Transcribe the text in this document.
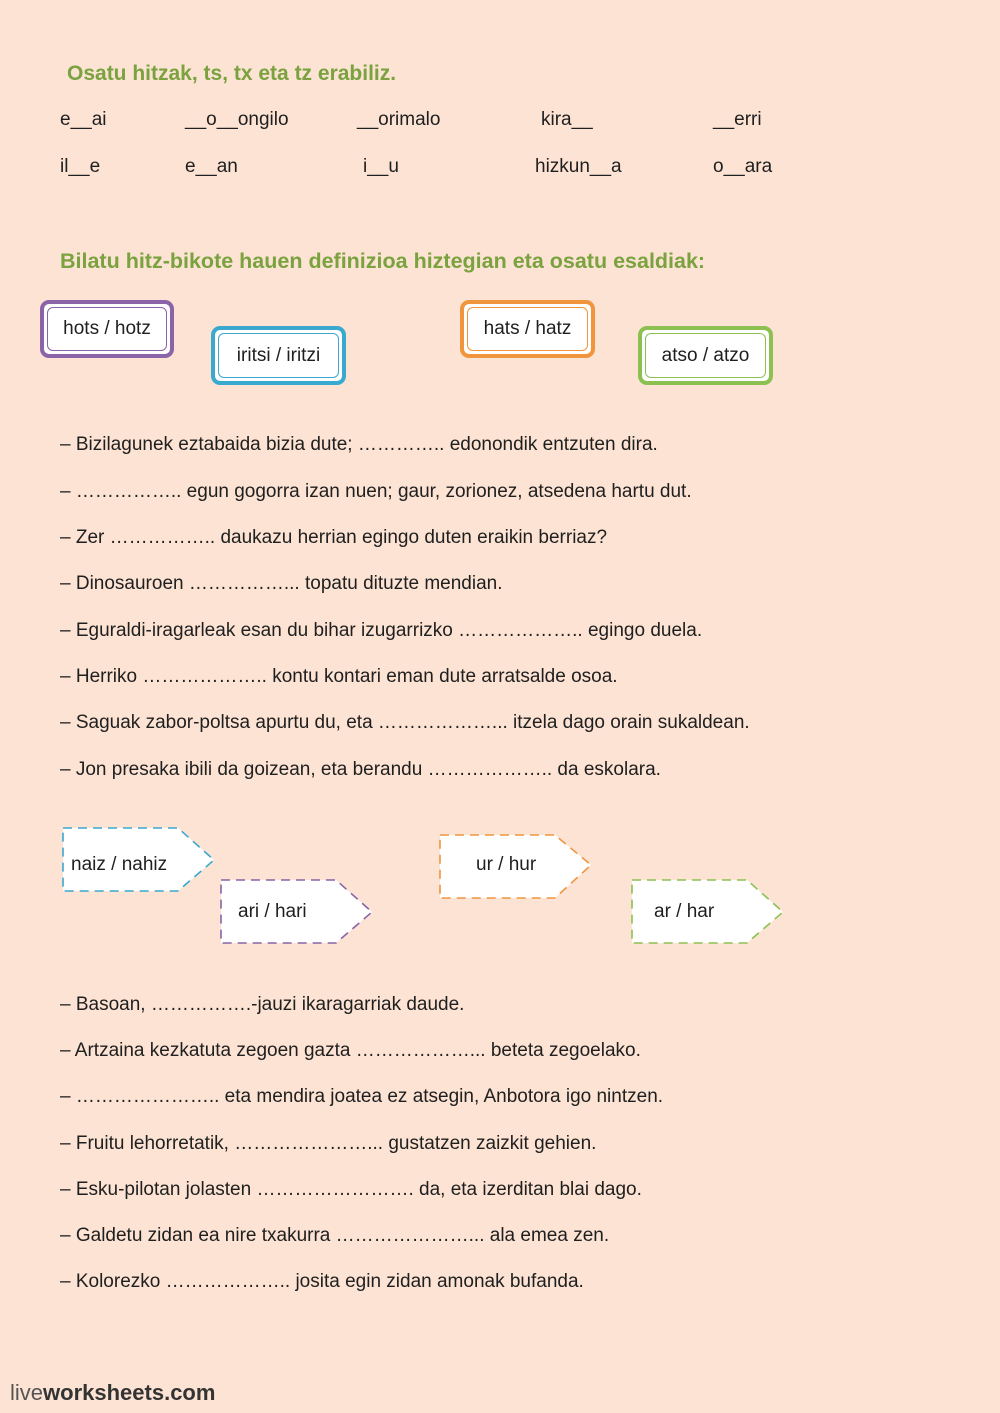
Osatu hitzak, ts, tx eta tz erabiliz.
e__ai	__o__ongilo	__orimalo	kira__	__erri
il__e	e__an	i__u	hizkun__a	o__ara
Bilatu hitz-bikote hauen definizioa hiztegian eta osatu esaldiak:
hots / hotz
iritsi / iritzi
hats / hatz
atso / atzo
– Bizilagunek eztabaida bizia dute; ………….. edonondik entzuten dira.
– …………….. egun gogorra izan nuen; gaur, zorionez, atsedena hartu dut.
– Zer …………….. daukazu herrian egingo duten eraikin berriaz?
– Dinosauroen ……………... topatu dituzte mendian.
– Eguraldi-iragarleak esan du bihar izugarrizko ……………….. egingo duela.
– Herriko ……………….. kontu kontari eman dute arratsalde osoa.
– Saguak zabor-poltsa apurtu du, eta ………………... itzela dago orain sukaldean.
– Jon presaka ibili da goizean, eta berandu ……………….. da eskolara.
naiz / nahiz
ari / hari
ur / hur
ar / har
– Basoan, …………….-jauzi ikaragarriak daude.
– Artzaina kezkatuta zegoen gazta ………………... beteta zegoelako.
– ………………….. eta mendira joatea ez atsegin, Anbotora igo nintzen.
– Fruitu lehorretatik, …………………... gustatzen zaizkit gehien.
– Esku-pilotan jolasten ……………………. da, eta izerditan blai dago.
– Galdetu zidan ea nire txakurra …………………... ala emea zen.
– Kolorezko ……………….. josita egin zidan amonak bufanda.
liveworksheets.com
